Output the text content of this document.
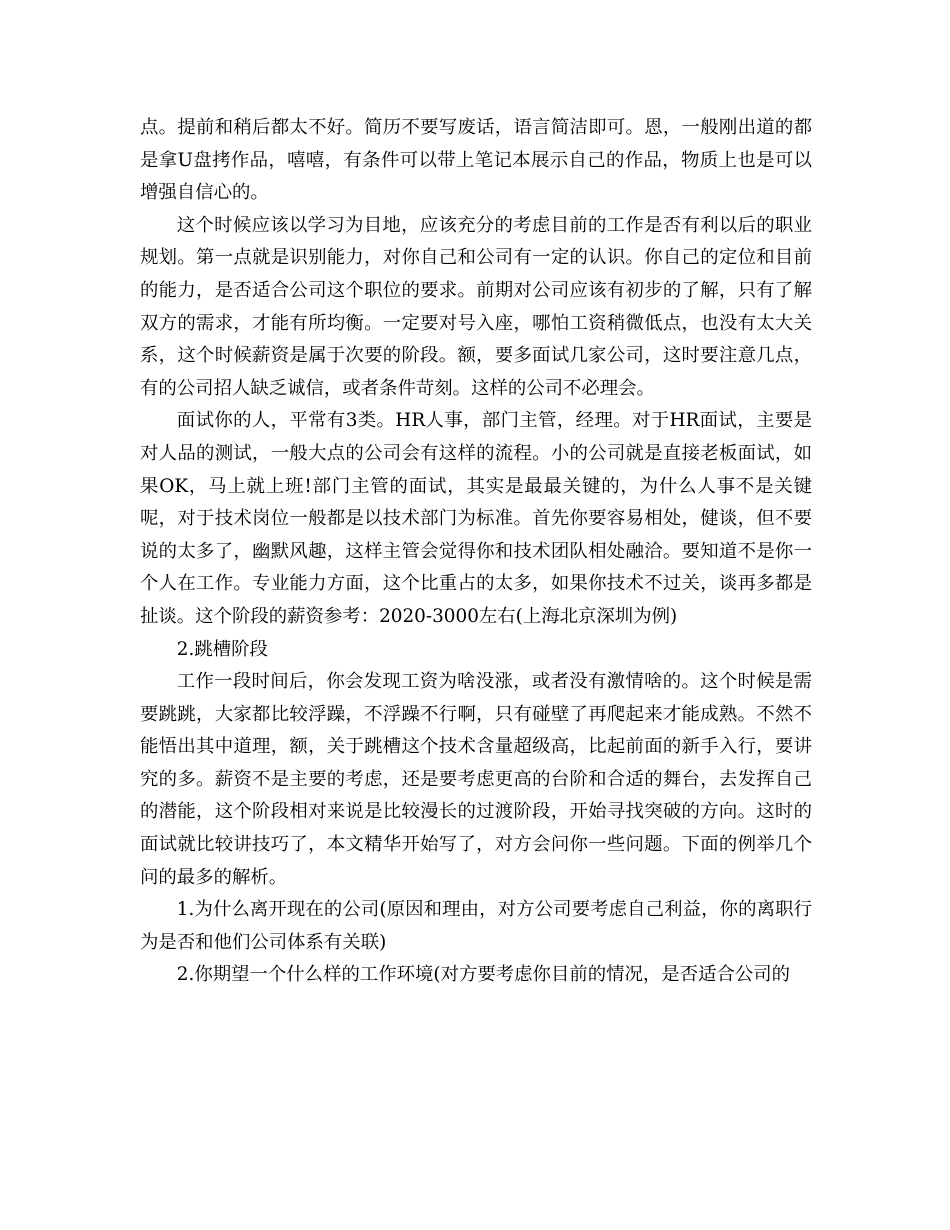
点。提前和稍后都太不好。简历不要写废话，语言简洁即可。恩，一般刚出道的都是拿U盘拷作品，嘻嘻，有条件可以带上笔记本展示自己的作品，物质上也是可以增强自信心的。

这个时候应该以学习为目地，应该充分的考虑目前的工作是否有利以后的职业规划。第一点就是识别能力，对你自己和公司有一定的认识。你自己的定位和目前的能力，是否适合公司这个职位的要求。前期对公司应该有初步的了解，只有了解双方的需求，才能有所均衡。一定要对号入座，哪怕工资稍微低点，也没有太大关系，这个时候薪资是属于次要的阶段。额，要多面试几家公司，这时要注意几点，有的公司招人缺乏诚信，或者条件苛刻。这样的公司不必理会。

面试你的人，平常有3类。HR人事，部门主管，经理。对于HR面试，主要是对人品的测试，一般大点的公司会有这样的流程。小的公司就是直接老板面试，如果OK，马上就上班!部门主管的面试，其实是最最关键的，为什么人事不是关键呢，对于技术岗位一般都是以技术部门为标准。首先你要容易相处，健谈，但不要说的太多了，幽默风趣，这样主管会觉得你和技术团队相处融洽。要知道不是你一个人在工作。专业能力方面，这个比重占的太多，如果你技术不过关，谈再多都是扯谈。这个阶段的薪资参考：2020-3000左右(上海北京深圳为例)

2.跳槽阶段

工作一段时间后，你会发现工资为啥没涨，或者没有激情啥的。这个时候是需要跳跳，大家都比较浮躁，不浮躁不行啊，只有碰壁了再爬起来才能成熟。不然不能悟出其中道理，额，关于跳槽这个技术含量超级高，比起前面的新手入行，要讲究的多。薪资不是主要的考虑，还是要考虑更高的台阶和合适的舞台，去发挥自己的潜能，这个阶段相对来说是比较漫长的过渡阶段，开始寻找突破的方向。这时的面试就比较讲技巧了，本文精华开始写了，对方会问你一些问题。下面的例举几个问的最多的解析。

1.为什么离开现在的公司(原因和理由，对方公司要考虑自己利益，你的离职行为是否和他们公司体系有关联)

2.你期望一个什么样的工作环境(对方要考虑你目前的情况，是否适合公司的
